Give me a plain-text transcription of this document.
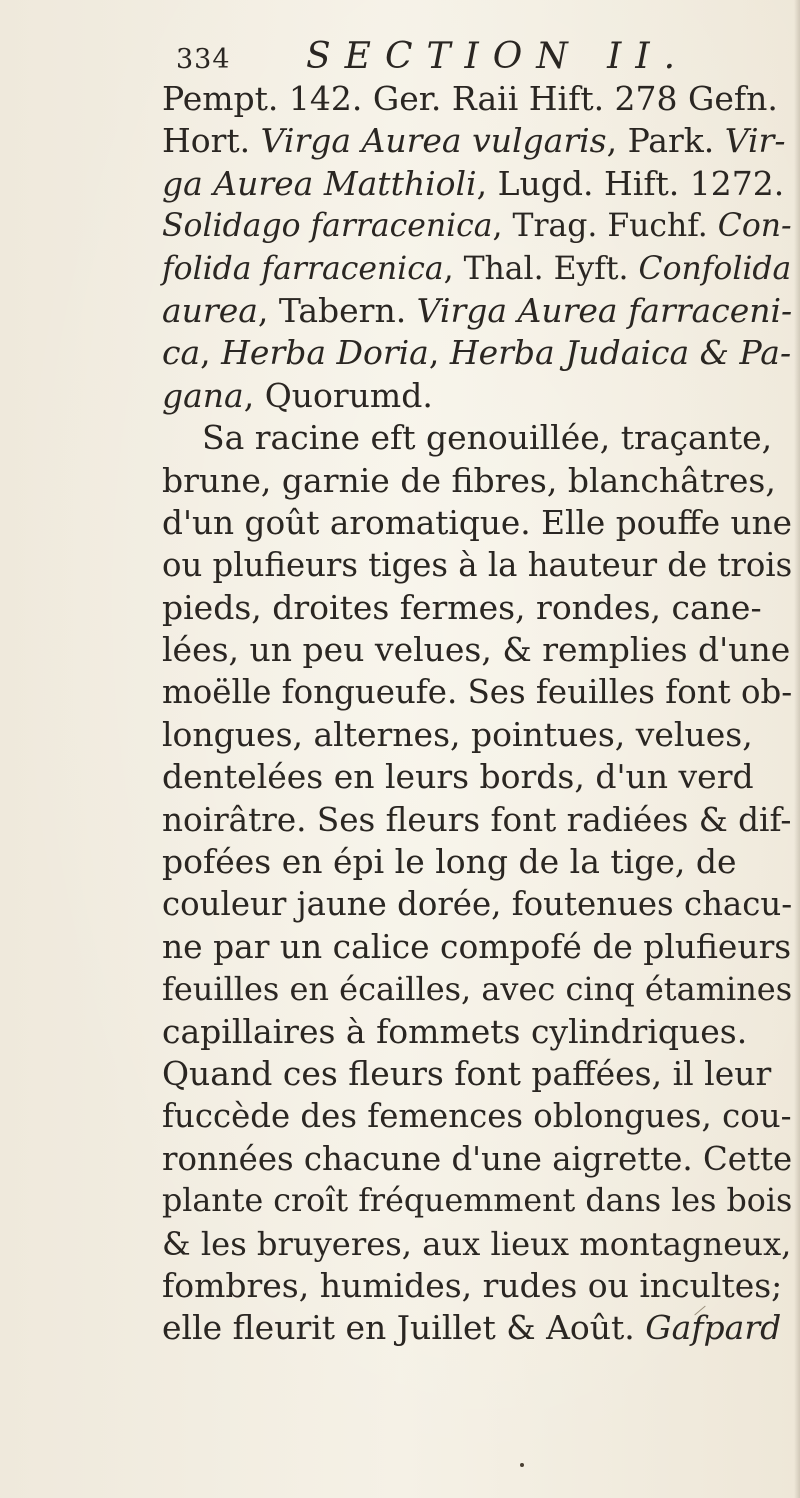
334 SECTION II.
Pempt. 142. Ger. Raii Hift. 278 Gefn.
Hort. Virga Aurea vulgaris, Park. Vir-
ga Aurea Matthioli, Lugd. Hift. 1272.
Solidago farracenica, Trag. Fuchf. Con-
folida farracenica, Thal. Eyft. Confolida
aurea, Tabern. Virga Aurea farraceni-
ca, Herba Doria, Herba Judaica & Pa-
gana, Quorumd.
Sa racine eft genouillée, traçante,
brune, garnie de fibres, blanchâtres,
d'un goût aromatique. Elle pouffe une
ou plufieurs tiges à la hauteur de trois
pieds, droites fermes, rondes, cane-
lées, un peu velues, & remplies d'une
moëlle fongueufe. Ses feuilles font ob-
longues, alternes, pointues, velues,
dentelées en leurs bords, d'un verd
noirâtre. Ses fleurs font radiées & dif-
pofées en épi le long de la tige, de
couleur jaune dorée, foutenues chacu-
ne par un calice compofé de plufieurs
feuilles en écailles, avec cinq étamines
capillaires à fommets cylindriques.
Quand ces fleurs font paffées, il leur
fuccède des femences oblongues, cou-
ronnées chacune d'une aigrette. Cette
plante croît fréquemment dans les bois
& les bruyeres, aux lieux montagneux,
fombres, humides, rudes ou incultes;
elle fleurit en Juillet & Août. Gafpard
